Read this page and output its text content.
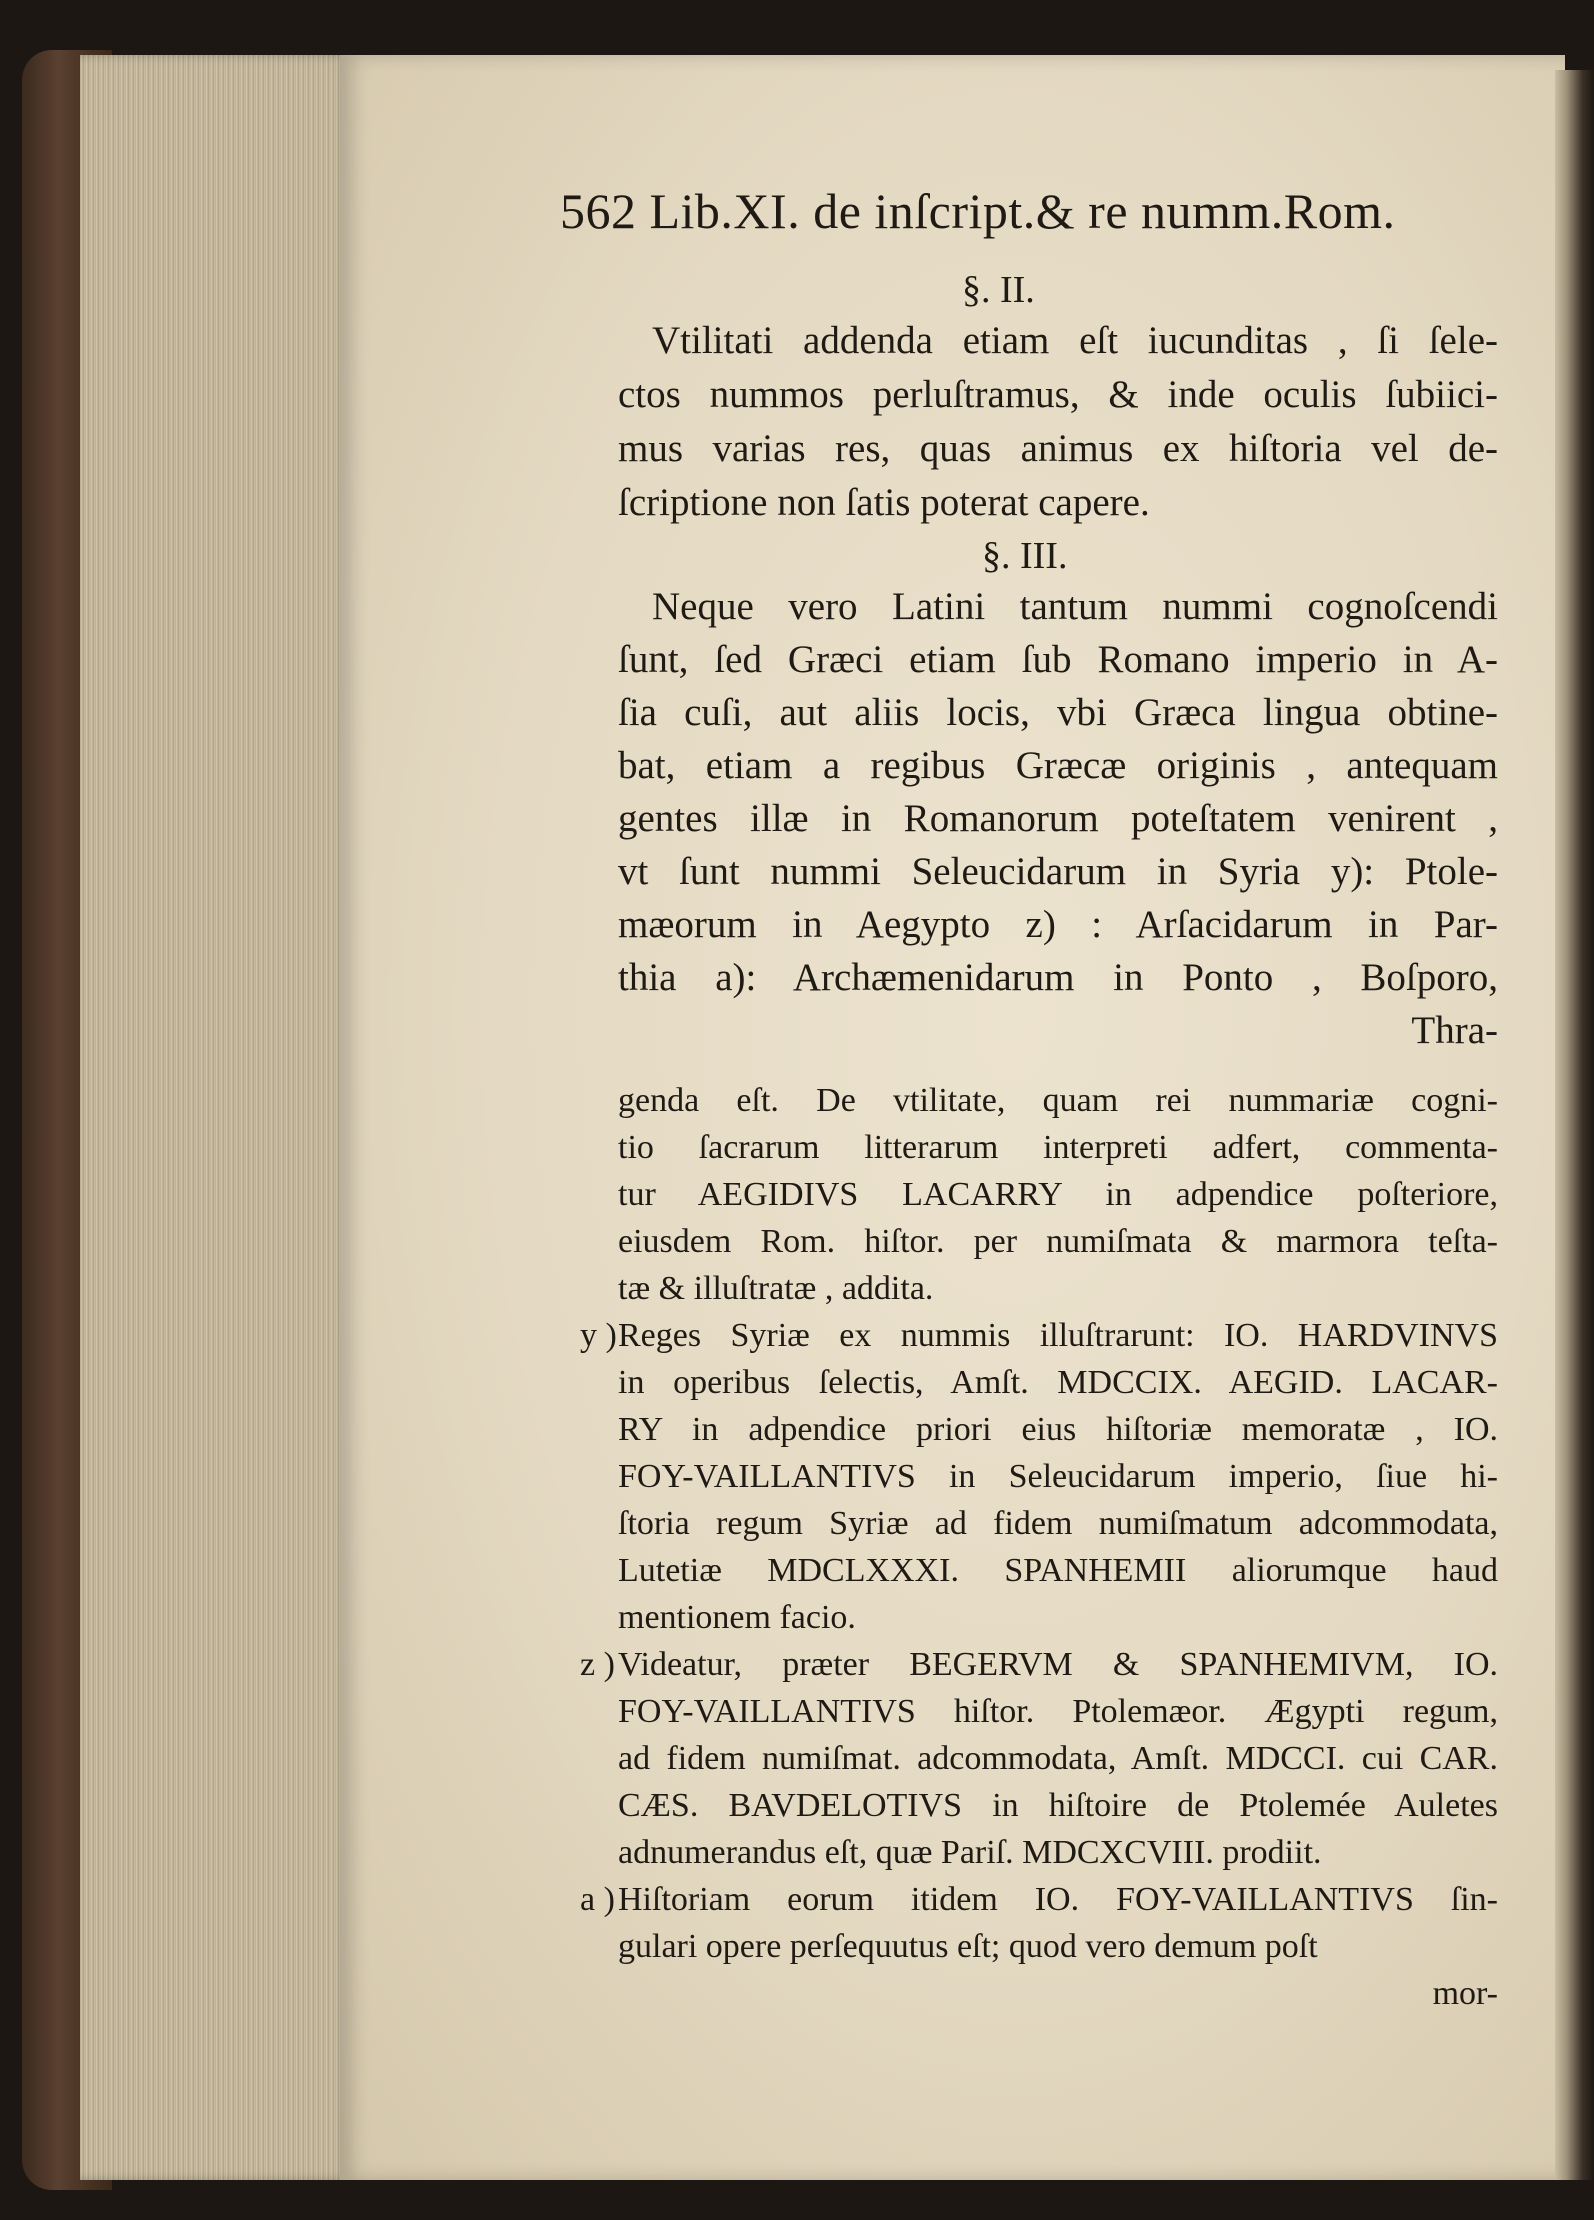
562 Lib.XI. de inſcript.& re numm.Rom.
§. II.
Vtilitati addenda etiam eſt iucunditas , ſi ſele-
ctos nummos perluſtramus, & inde oculis ſubiici-
mus varias res, quas animus ex hiſtoria vel de-
ſcriptione non ſatis poterat capere.
§. III.
Neque vero Latini tantum nummi cognoſcendi
ſunt, ſed Græci etiam ſub Romano imperio in A-
ſia cuſi, aut aliis locis, vbi Græca lingua obtine-
bat, etiam a regibus Græcæ originis , antequam
gentes illæ in Romanorum poteſtatem venirent ,
vt ſunt nummi Seleucidarum in Syria y): Ptole-
mæorum in Aegypto z) : Arſacidarum in Par-
thia a): Archæmenidarum in Ponto , Boſporo,
Thra-
genda eſt. De vtilitate, quam rei nummariæ cogni-
tio ſacrarum litterarum interpreti adfert, commenta-
tur AEGIDIVS LACARRY in adpendice poſteriore,
eiusdem Rom. hiſtor. per numiſmata & marmora teſta-
tæ & illuſtratæ , addita.
y ) Reges Syriæ ex nummis illuſtrarunt: IO. HARDVINVS
in operibus ſelectis, Amſt. MDCCIX. AEGID. LACAR-
RY in adpendice priori eius hiſtoriæ memoratæ , IO.
FOY-VAILLANTIVS in Seleucidarum imperio, ſiue hi-
ſtoria regum Syriæ ad fidem numiſmatum adcommodata,
Lutetiæ MDCLXXXI. SPANHEMII aliorumque haud
mentionem facio.
z ) Videatur, præter BEGERVM & SPANHEMIVM, IO.
FOY-VAILLANTIVS hiſtor. Ptolemæor. Ægypti regum,
ad fidem numiſmat. adcommodata, Amſt. MDCCI. cui CAR.
CÆS. BAVDELOTIVS in hiſtoire de Ptolemée Auletes
adnumerandus eſt, quæ Pariſ. MDCXCVIII. prodiit.
a ) Hiſtoriam eorum itidem IO. FOY-VAILLANTIVS ſin-
gulari opere perſequutus eſt; quod vero demum poſt
mor-
